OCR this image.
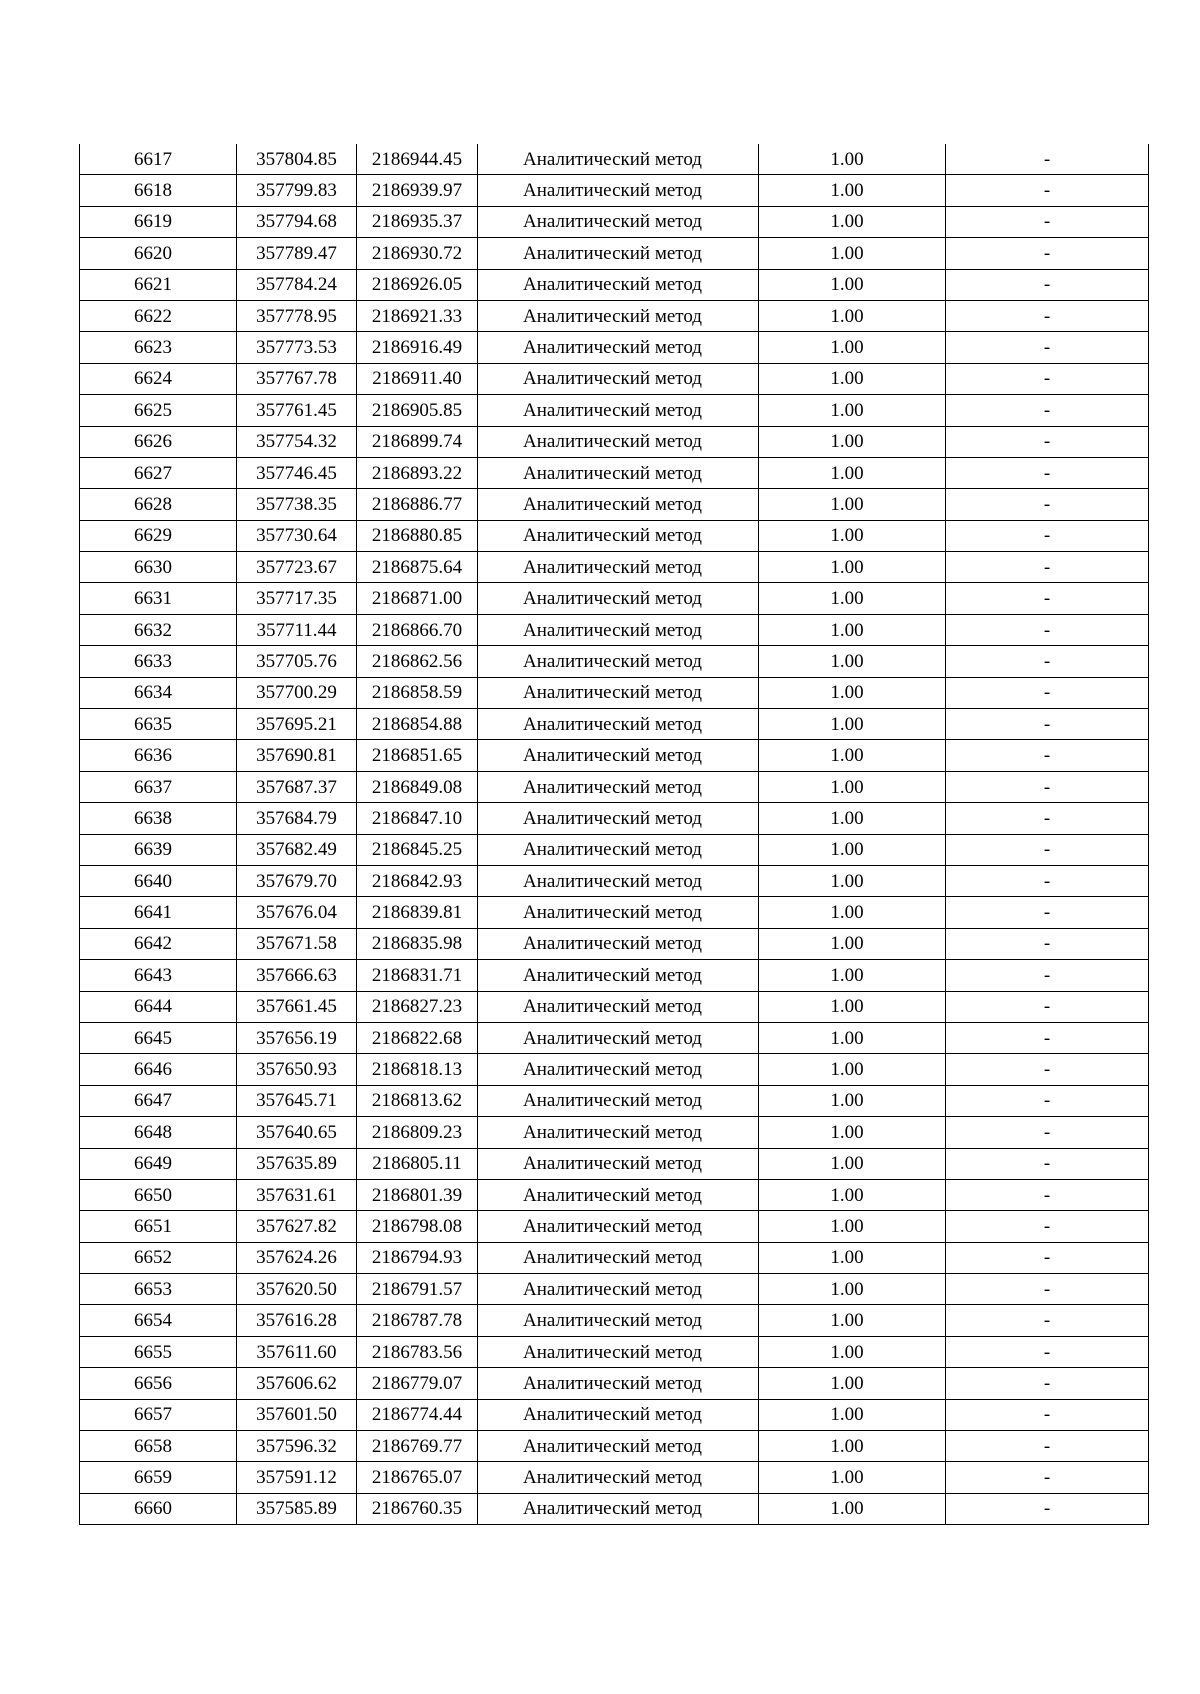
6617	357804.85	2186944.45	Аналитический метод	1.00	-
6618	357799.83	2186939.97	Аналитический метод	1.00	-
6619	357794.68	2186935.37	Аналитический метод	1.00	-
6620	357789.47	2186930.72	Аналитический метод	1.00	-
6621	357784.24	2186926.05	Аналитический метод	1.00	-
6622	357778.95	2186921.33	Аналитический метод	1.00	-
6623	357773.53	2186916.49	Аналитический метод	1.00	-
6624	357767.78	2186911.40	Аналитический метод	1.00	-
6625	357761.45	2186905.85	Аналитический метод	1.00	-
6626	357754.32	2186899.74	Аналитический метод	1.00	-
6627	357746.45	2186893.22	Аналитический метод	1.00	-
6628	357738.35	2186886.77	Аналитический метод	1.00	-
6629	357730.64	2186880.85	Аналитический метод	1.00	-
6630	357723.67	2186875.64	Аналитический метод	1.00	-
6631	357717.35	2186871.00	Аналитический метод	1.00	-
6632	357711.44	2186866.70	Аналитический метод	1.00	-
6633	357705.76	2186862.56	Аналитический метод	1.00	-
6634	357700.29	2186858.59	Аналитический метод	1.00	-
6635	357695.21	2186854.88	Аналитический метод	1.00	-
6636	357690.81	2186851.65	Аналитический метод	1.00	-
6637	357687.37	2186849.08	Аналитический метод	1.00	-
6638	357684.79	2186847.10	Аналитический метод	1.00	-
6639	357682.49	2186845.25	Аналитический метод	1.00	-
6640	357679.70	2186842.93	Аналитический метод	1.00	-
6641	357676.04	2186839.81	Аналитический метод	1.00	-
6642	357671.58	2186835.98	Аналитический метод	1.00	-
6643	357666.63	2186831.71	Аналитический метод	1.00	-
6644	357661.45	2186827.23	Аналитический метод	1.00	-
6645	357656.19	2186822.68	Аналитический метод	1.00	-
6646	357650.93	2186818.13	Аналитический метод	1.00	-
6647	357645.71	2186813.62	Аналитический метод	1.00	-
6648	357640.65	2186809.23	Аналитический метод	1.00	-
6649	357635.89	2186805.11	Аналитический метод	1.00	-
6650	357631.61	2186801.39	Аналитический метод	1.00	-
6651	357627.82	2186798.08	Аналитический метод	1.00	-
6652	357624.26	2186794.93	Аналитический метод	1.00	-
6653	357620.50	2186791.57	Аналитический метод	1.00	-
6654	357616.28	2186787.78	Аналитический метод	1.00	-
6655	357611.60	2186783.56	Аналитический метод	1.00	-
6656	357606.62	2186779.07	Аналитический метод	1.00	-
6657	357601.50	2186774.44	Аналитический метод	1.00	-
6658	357596.32	2186769.77	Аналитический метод	1.00	-
6659	357591.12	2186765.07	Аналитический метод	1.00	-
6660	357585.89	2186760.35	Аналитический метод	1.00	-
